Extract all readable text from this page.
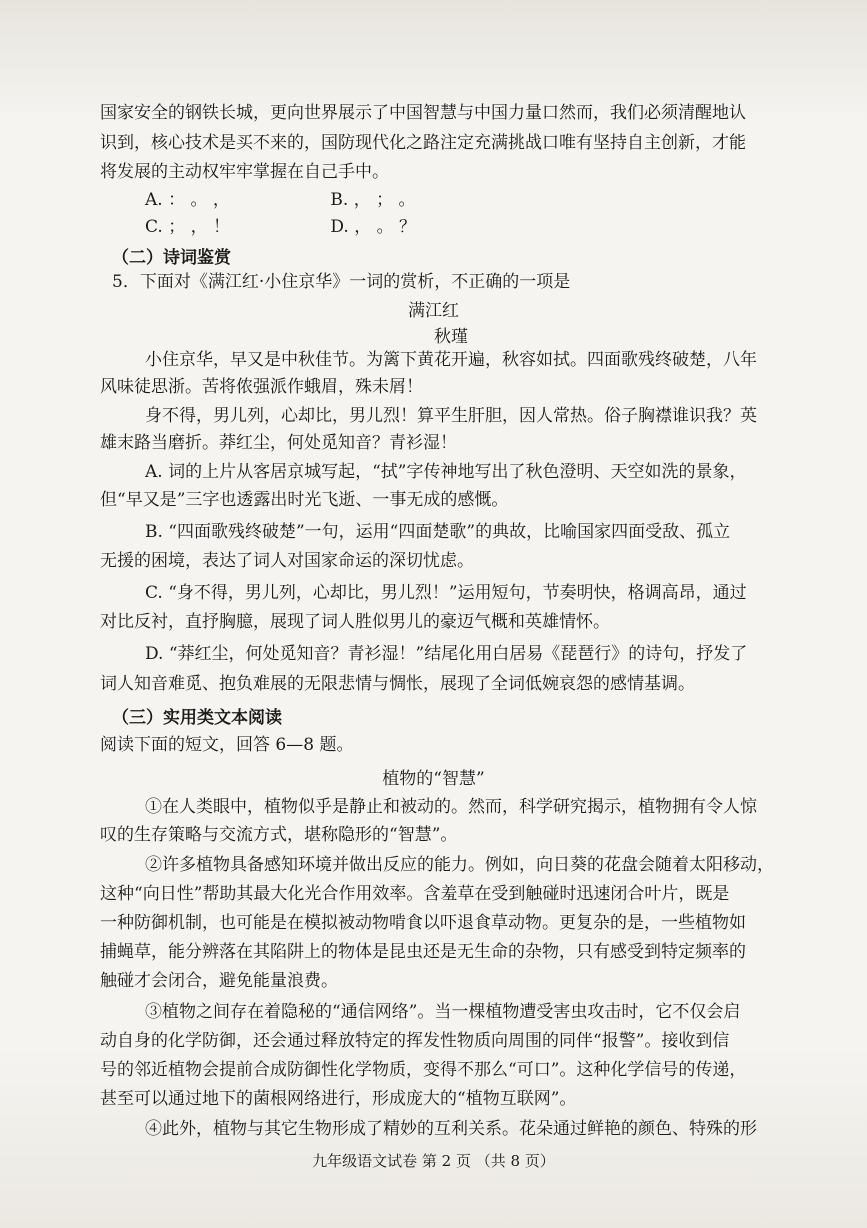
国家安全的钢铁长城，更向世界展示了中国智慧与中国力量口然而，我们必须清醒地认
识到，核心技术是买不来的，国防现代化之路注定充满挑战口唯有坚持自主创新，才能
将发展的主动权牢牢掌握在自己手中。
A. ： 。 ，	B. ， ； 。
C. ； ， ！	D. ， 。 ？
（二）诗词鉴赏
5．下面对《满江红·小住京华》一词的赏析，不正确的一项是
满江红
秋瑾
小住京华，早又是中秋佳节。为篱下黄花开遍，秋容如拭。四面歌残终破楚，八年
风味徒思浙。苦将侬强派作蛾眉，殊未屑！
身不得，男儿列，心却比，男儿烈！算平生肝胆，因人常热。俗子胸襟谁识我？英
雄末路当磨折。莽红尘，何处觅知音？青衫湿！
A. 词的上片从客居京城写起，“拭”字传神地写出了秋色澄明、天空如洗的景象，
但“早又是”三字也透露出时光飞逝、一事无成的感慨。
B. “四面歌残终破楚”一句，运用“四面楚歌”的典故，比喻国家四面受敌、孤立
无援的困境，表达了词人对国家命运的深切忧虑。
C. “身不得，男儿列，心却比，男儿烈！”运用短句，节奏明快，格调高昂，通过
对比反衬，直抒胸臆，展现了词人胜似男儿的豪迈气概和英雄情怀。
D. “莽红尘，何处觅知音？青衫湿！”结尾化用白居易《琵琶行》的诗句，抒发了
词人知音难觅、抱负难展的无限悲情与惆怅，展现了全词低婉哀怨的感情基调。
（三）实用类文本阅读
阅读下面的短文，回答 6—8 题。
植物的“智慧”
①在人类眼中，植物似乎是静止和被动的。然而，科学研究揭示，植物拥有令人惊
叹的生存策略与交流方式，堪称隐形的“智慧”。
②许多植物具备感知环境并做出反应的能力。例如，向日葵的花盘会随着太阳移动，
这种“向日性”帮助其最大化光合作用效率。含羞草在受到触碰时迅速闭合叶片，既是
一种防御机制，也可能是在模拟被动物啃食以吓退食草动物。更复杂的是，一些植物如
捕蝇草，能分辨落在其陷阱上的物体是昆虫还是无生命的杂物，只有感受到特定频率的
触碰才会闭合，避免能量浪费。
③植物之间存在着隐秘的“通信网络”。当一棵植物遭受害虫攻击时，它不仅会启
动自身的化学防御，还会通过释放特定的挥发性物质向周围的同伴“报警”。接收到信
号的邻近植物会提前合成防御性化学物质，变得不那么“可口”。这种化学信号的传递，
甚至可以通过地下的菌根网络进行，形成庞大的“植物互联网”。
④此外，植物与其它生物形成了精妙的互利关系。花朵通过鲜艳的颜色、特殊的形
九年级语文试卷 第 2 页 （共 8 页）
